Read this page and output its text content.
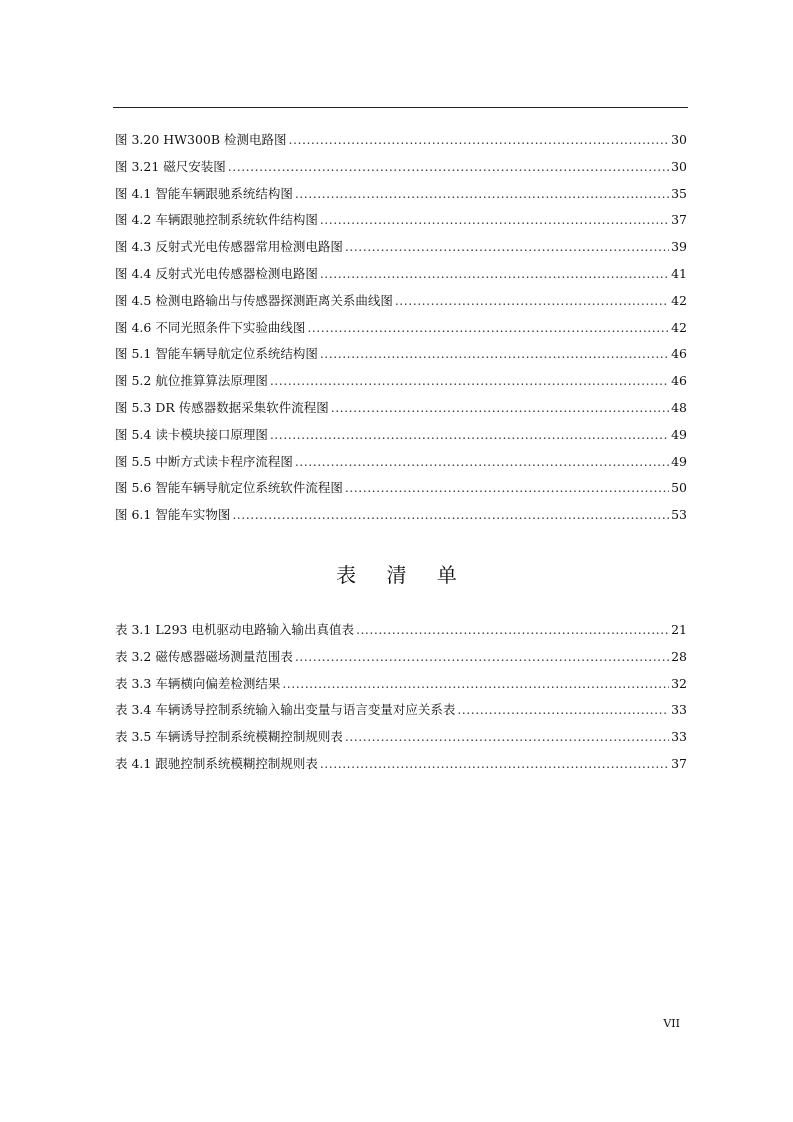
图 3.20 HW300B 检测电路图 .....	30
图 3.21 磁尺安装图 .....	30
图 4.1 智能车辆跟驰系统结构图 .....	35
图 4.2 车辆跟驰控制系统软件结构图 .....	37
图 4.3 反射式光电传感器常用检测电路图 .....	39
图 4.4 反射式光电传感器检测电路图 .....	41
图 4.5 检测电路输出与传感器探测距离关系曲线图 .....	42
图 4.6 不同光照条件下实验曲线图 .....	42
图 5.1 智能车辆导航定位系统结构图 .....	46
图 5.2 航位推算算法原理图 .....	46
图 5.3 DR 传感器数据采集软件流程图 .....	48
图 5.4 读卡模块接口原理图 .....	49
图 5.5 中断方式读卡程序流程图 .....	49
图 5.6 智能车辆导航定位系统软件流程图 .....	50
图 6.1 智能车实物图 .....	53
表 清 单
表 3.1 L293 电机驱动电路输入输出真值表 .....	21
表 3.2 磁传感器磁场测量范围表 .....	28
表 3.3 车辆横向偏差检测结果 .....	32
表 3.4 车辆诱导控制系统输入输出变量与语言变量对应关系表 .....	33
表 3.5 车辆诱导控制系统模糊控制规则表 .....	33
表 4.1 跟驰控制系统模糊控制规则表 .....	37
VII
